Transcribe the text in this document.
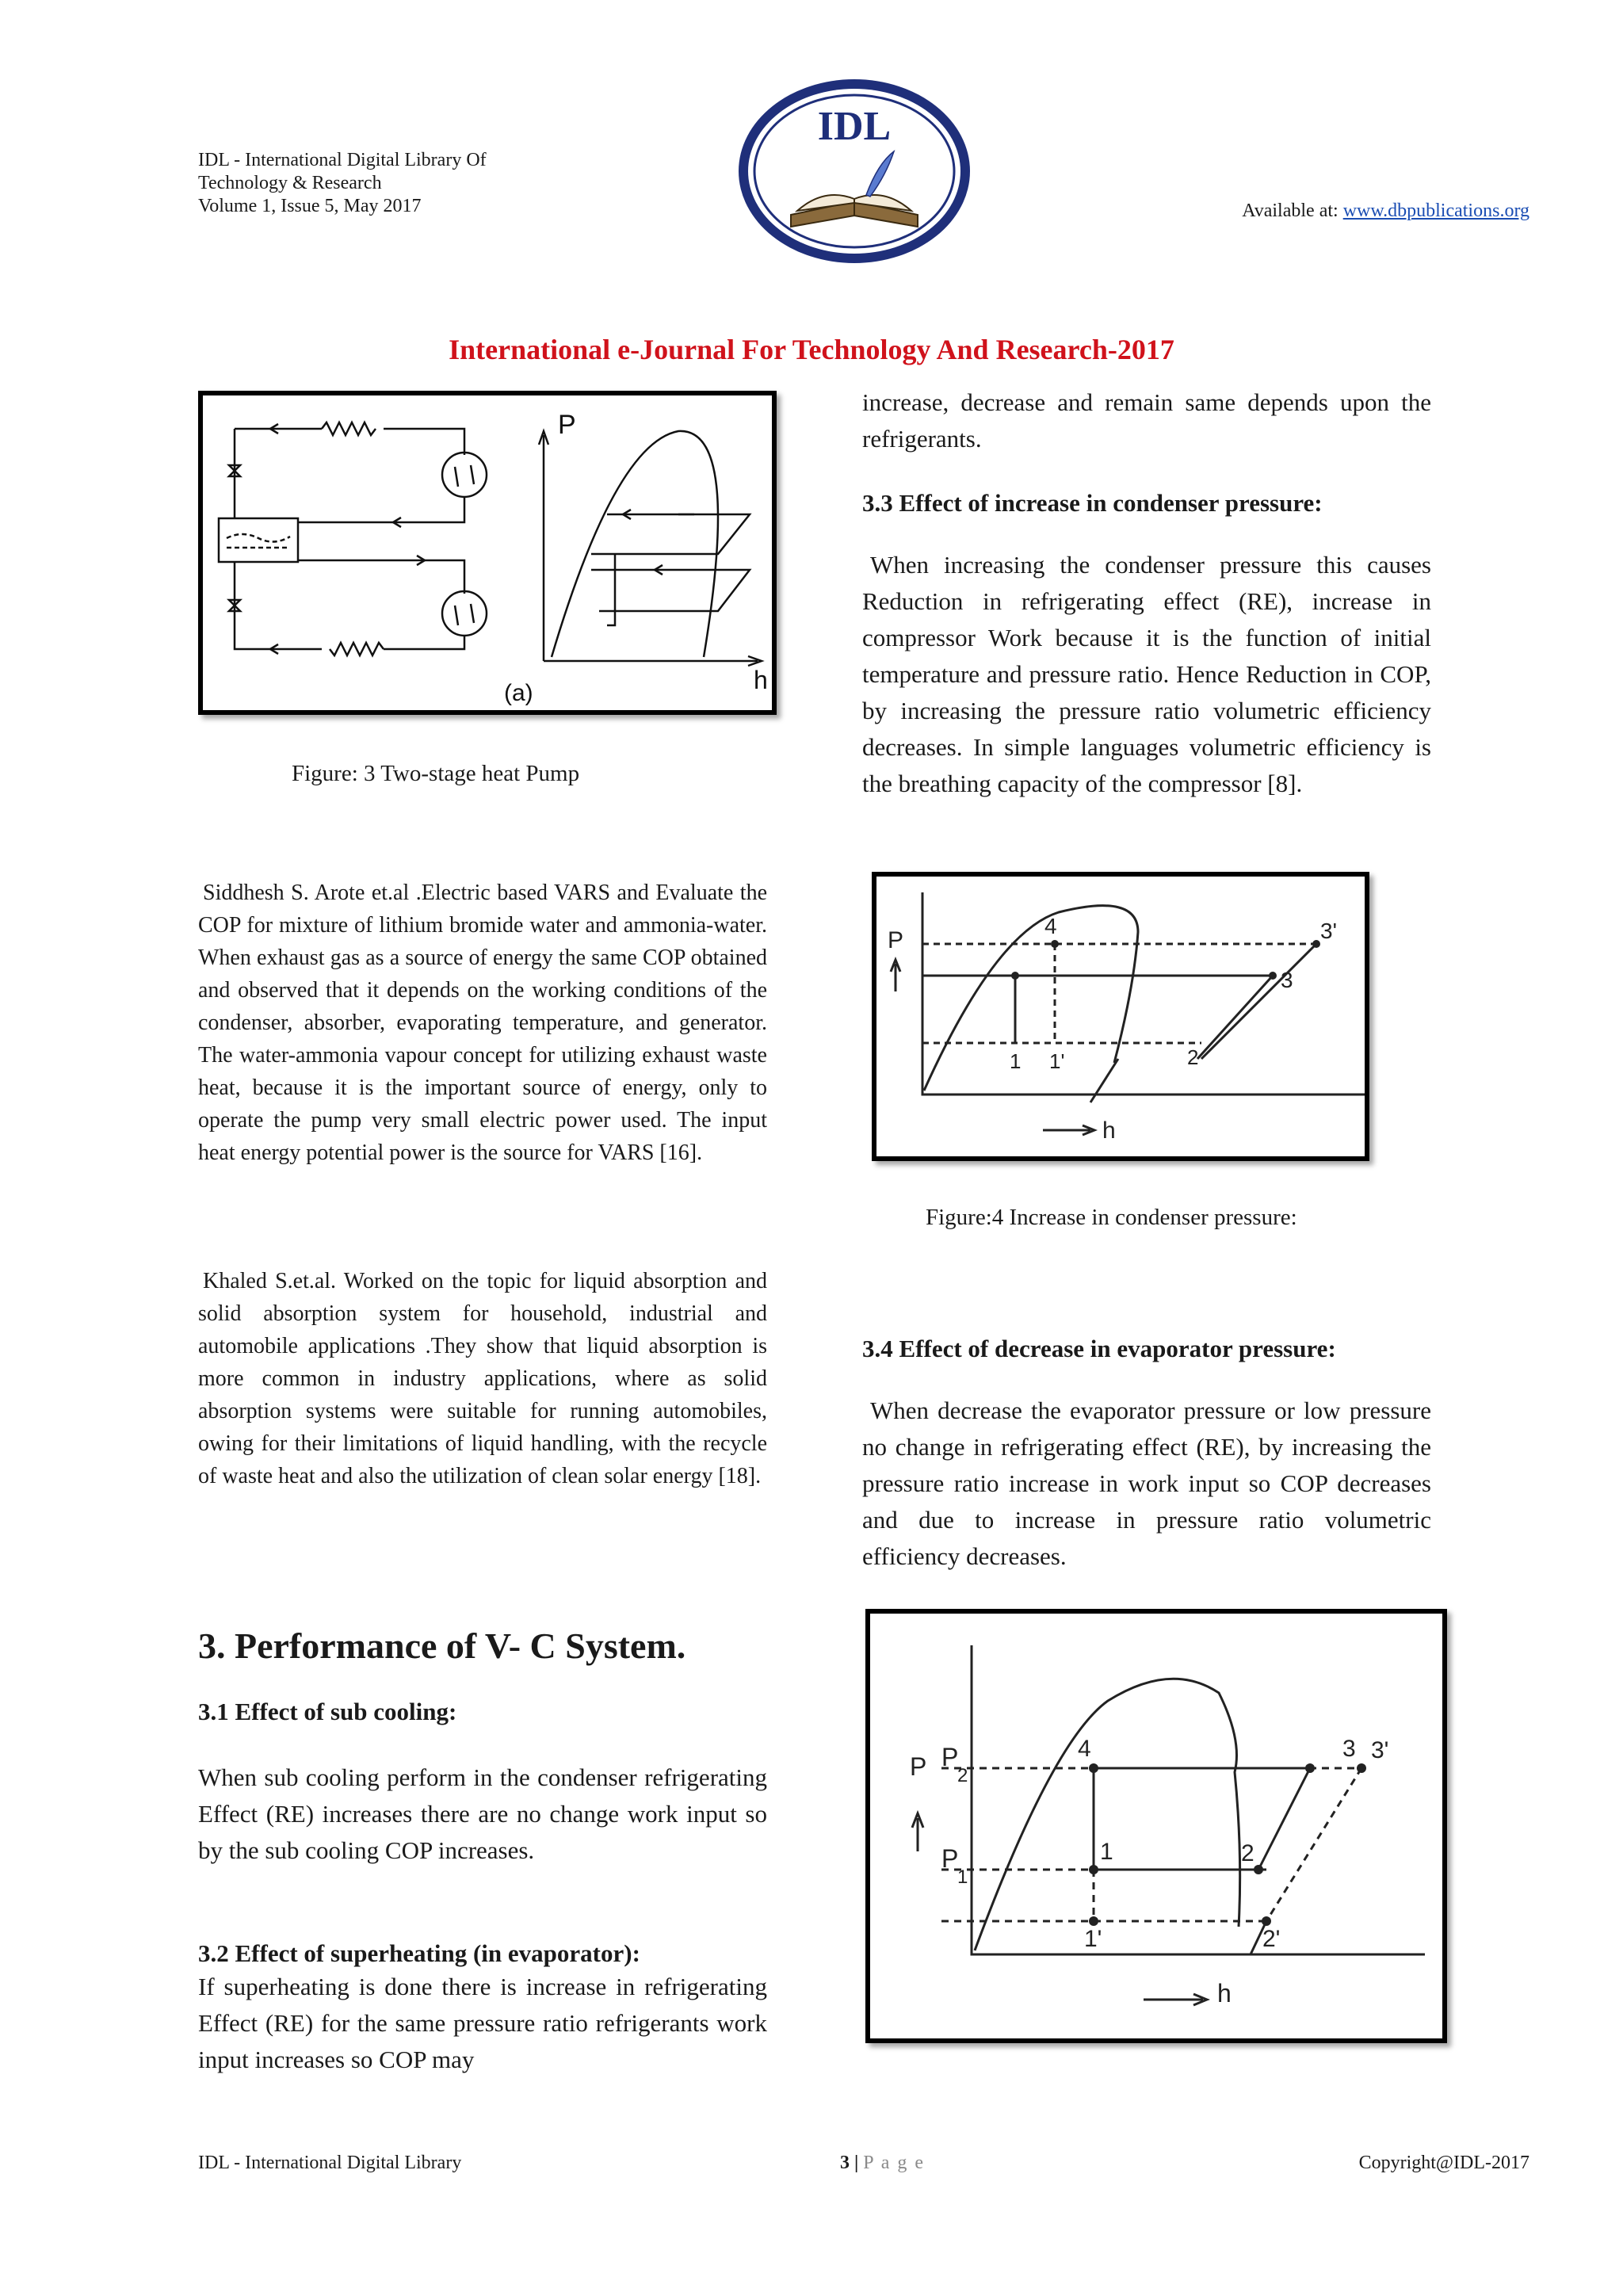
IDL - International Digital Library Of
Technology & Research
Volume 1, Issue 5, May 2017
IDL
Available at: www.dbpublications.org
International e-Journal For Technology And Research-2017
P
h
(a)
Figure: 3 Two-stage heat Pump

Siddhesh S. Arote et.al .Electric based VARS and Evaluate the COP for mixture of lithium bromide water and ammonia-water. When exhaust gas as a source of energy the same COP obtained and observed that it depends on the working conditions of the condenser, absorber, evaporating temperature, and generator. The water-ammonia vapour concept for utilizing exhaust waste heat, because it is the important source of energy, only to operate the pump very small electric power used. The input heat energy potential power is the source for VARS [16].

Khaled S.et.al. Worked on the topic for liquid absorption and solid absorption system for household, industrial and automobile applications .They show that liquid absorption is more common in industry applications, where as solid absorption systems were suitable for running automobiles, owing for their limitations of liquid handling, with the recycle of waste heat and also the utilization of clean solar energy [18].

3. Performance of V- C System.
3.1 Effect of sub cooling:

When sub cooling perform in the condenser refrigerating Effect (RE) increases there are no change work input so by the sub cooling COP increases.

3.2 Effect of superheating (in evaporator):

If superheating is done there is increase in refrigerating Effect (RE) for the same pressure ratio refrigerants work input increases so COP may

increase, decrease and remain same depends upon the refrigerants.

3.3 Effect of increase in condenser pressure:

When increasing the condenser pressure this causes Reduction in refrigerating effect (RE), increase in compressor Work because it is the function of initial temperature and pressure ratio. Hence Reduction in COP, by increasing the pressure ratio volumetric efficiency decreases. In simple languages volumetric efficiency is the breathing capacity of the compressor [8].

P
h
4	3'
3
1 1'	2
Figure:4 Increase in condenser pressure:
3.4 Effect of decrease in evaporator pressure:

When decrease the evaporator pressure or low pressure no change in refrigerating effect (RE), by increasing the pressure ratio increase in work input so COP decreases and due to increase in pressure ratio volumetric efficiency decreases.

P P
2
P
1
h
4
1
1'
2
2'
3 3'
IDL - International Digital Library	3 | P a g e	Copyright@IDL-2017
